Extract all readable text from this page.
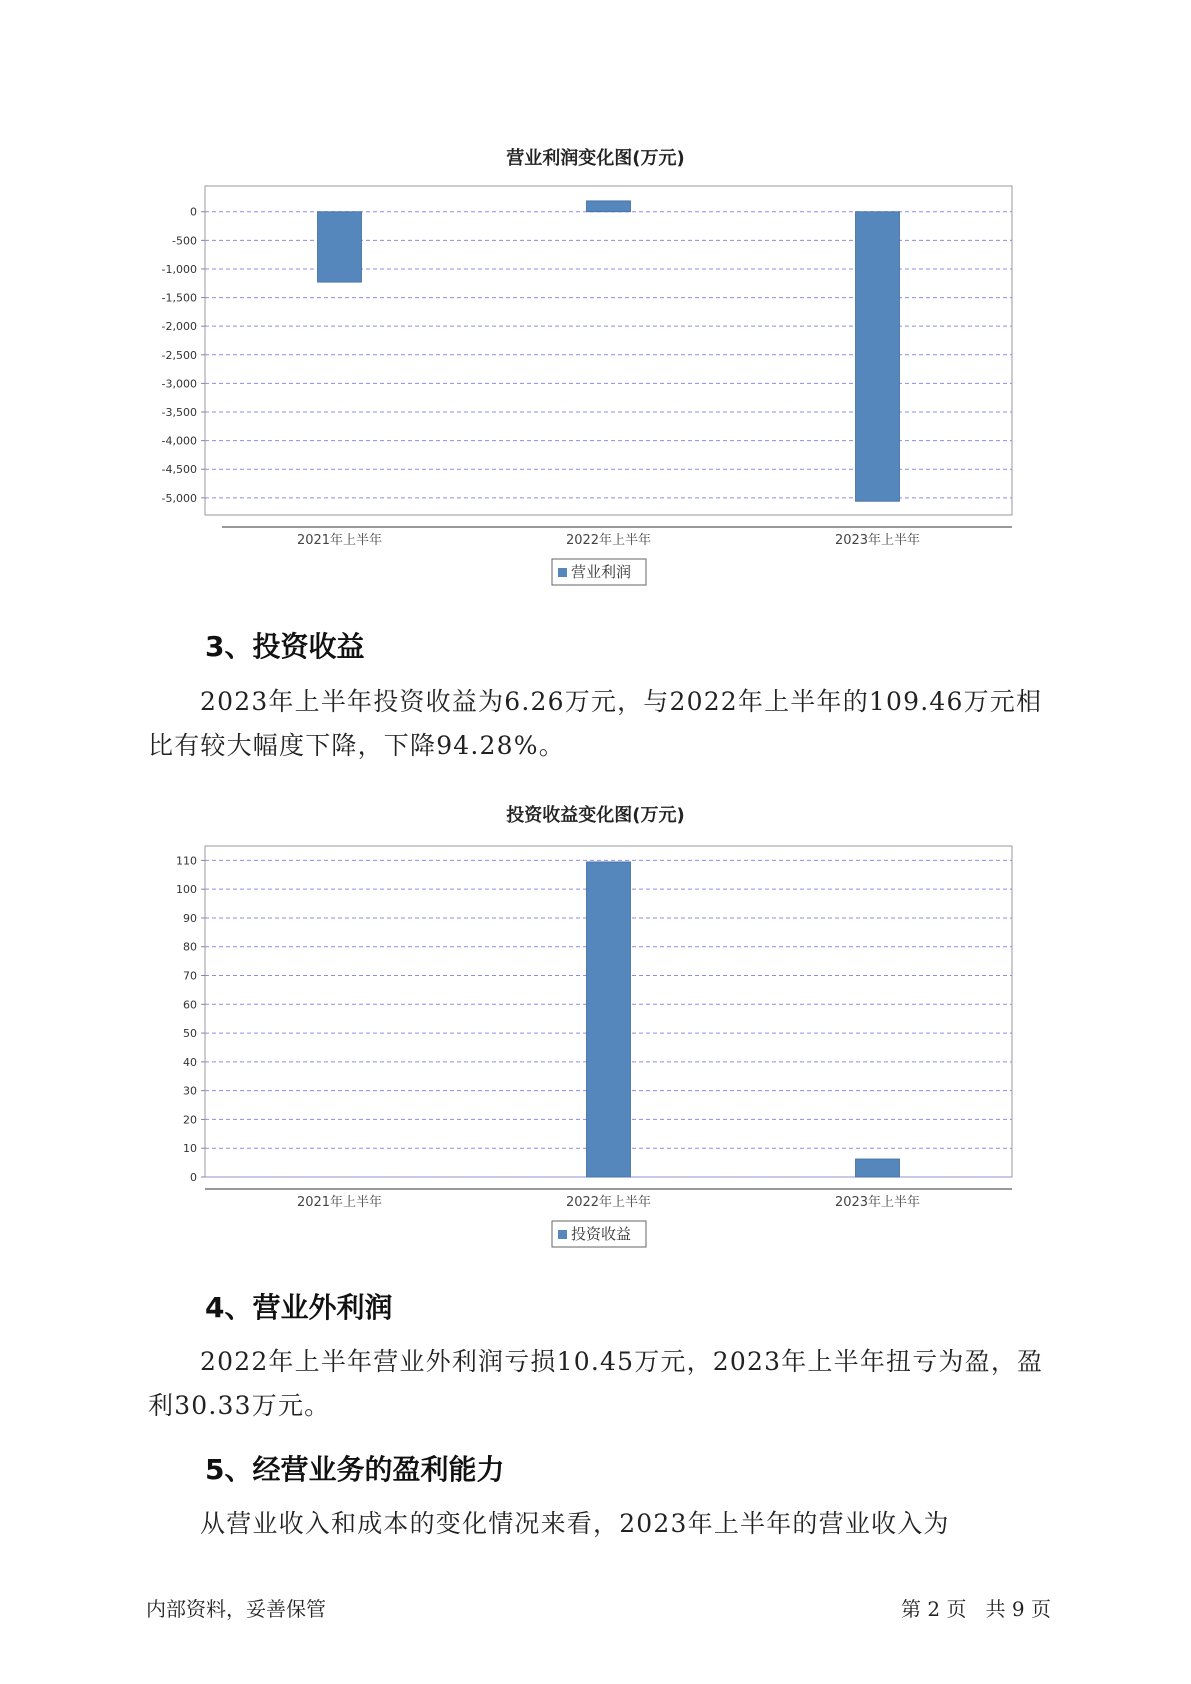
营业利润变化图(万元)
0
-500
-1,000
-1,500
-2,000
-2,500
-3,000
-3,500
-4,000
-4,500
-5,000
2021年上半年	2022年上半年	2023年上半年
营业利润
3、投资收益
2023年上半年投资收益为6.26万元，与2022年上半年的109.46万元相
比有较大幅度下降，下降94.28%。
投资收益变化图(万元)
110
100
90
80
70
60
50
40
30
20
10
0
2021年上半年	2022年上半年	2023年上半年
投资收益
4、营业外利润
2022年上半年营业外利润亏损10.45万元，2023年上半年扭亏为盈，盈
利30.33万元。
5、经营业务的盈利能力
从营业收入和成本的变化情况来看，2023年上半年的营业收入为
内部资料，妥善保管	第 2 页   共 9 页
